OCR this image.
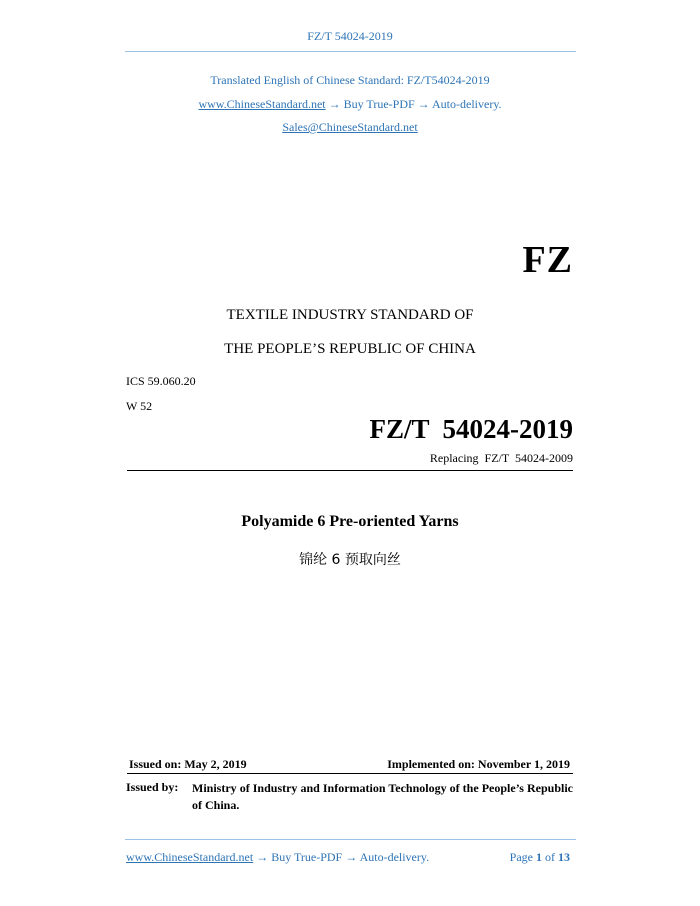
FZ/T 54024-2019
Translated English of Chinese Standard: FZ/T54024-2019
www.ChineseStandard.net → Buy True-PDF → Auto-delivery.
Sales@ChineseStandard.net
FZ
TEXTILE INDUSTRY STANDARD OF
THE PEOPLE’S REPUBLIC OF CHINA
ICS 59.060.20
W 52
FZ/T  54024-2019
Replacing  FZ/T  54024-2009
Polyamide 6 Pre-oriented Yarns
锦纶 6 预取向丝
Issued on: May 2, 2019	Implemented on: November 1, 2019
Issued by: Ministry of Industry and Information Technology of the People’s Republic of China.
www.ChineseStandard.net → Buy True-PDF → Auto-delivery.	Page 1 of 13
